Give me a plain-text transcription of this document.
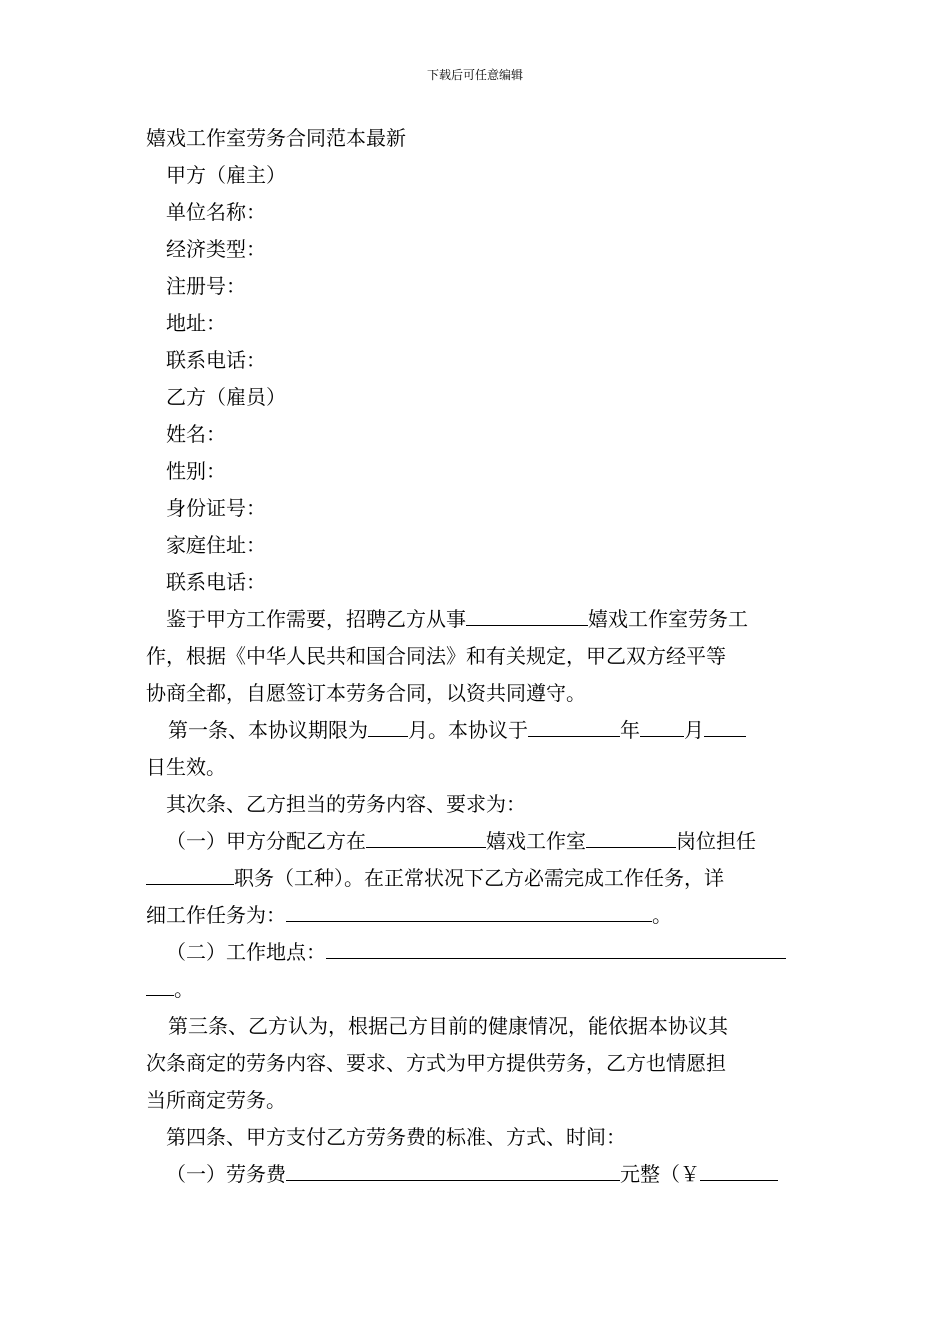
下载后可任意编辑
嬉戏工作室劳务合同范本最新
甲方（雇主）
单位名称：
经济类型：
注册号：
地址：
联系电话：
乙方（雇员）
姓名：
性别：
身份证号：
家庭住址：
联系电话：
鉴于甲方工作需要，招聘乙方从事	嬉戏工作室劳务工
作，根据《中华人民共和国合同法》和有关规定，甲乙双方经平等
协商全都，自愿签订本劳务合同，以资共同遵守。
第一条、本协议期限为 月。本协议于	年 月
日生效。
其次条、乙方担当的劳务内容、要求为：
（一）甲方分配乙方在	嬉戏工作室	岗位担任
职务（工种）。在正常状况下乙方必需完成工作任务，详
细工作任务为：	。
（二）工作地点：
。
第三条、乙方认为，根据己方目前的健康情况，能依据本协议其
次条商定的劳务内容、要求、方式为甲方提供劳务，乙方也情愿担
当所商定劳务。
第四条、甲方支付乙方劳务费的标准、方式、时间：
（一）劳务费	元整（￥
